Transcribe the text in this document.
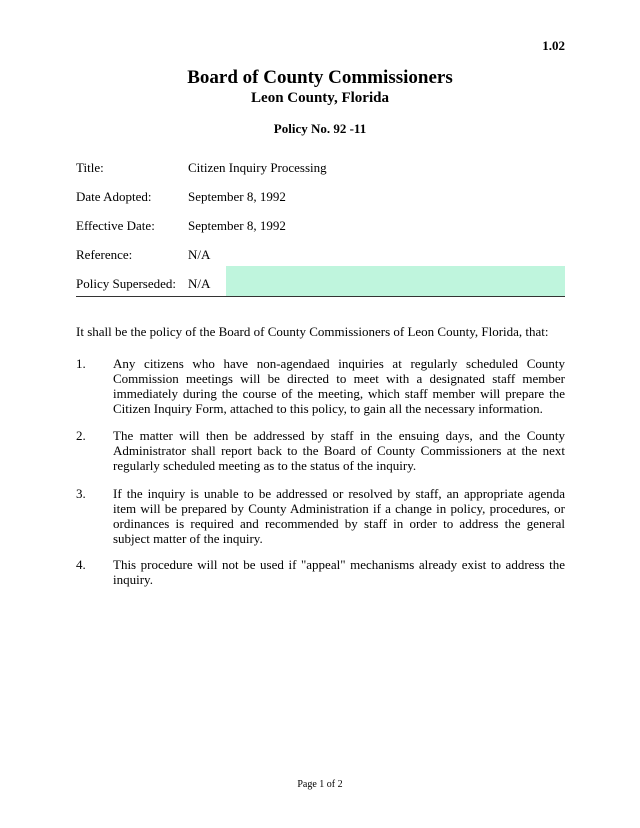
1.02
Board of County Commissioners
Leon County, Florida
Policy No. 92 -11
Title:	Citizen Inquiry Processing
Date Adopted:	September 8, 1992
Effective Date:	September 8, 1992
Reference:	N/A
Policy Superseded: N/A
It shall be the policy of the Board of County Commissioners of Leon County, Florida, that:
1. Any citizens who have non-agendaed inquiries at regularly scheduled County Commission meetings will be directed to meet with a designated staff member immediately during the course of the meeting, which staff member will prepare the Citizen Inquiry Form, attached to this policy, to gain all the necessary information.
2. The matter will then be addressed by staff in the ensuing days, and the County Administrator shall report back to the Board of County Commissioners at the next regularly scheduled meeting as to the status of the inquiry.
3. If the inquiry is unable to be addressed or resolved by staff, an appropriate agenda item will be prepared by County Administration if a change in policy, procedures, or ordinances is required and recommended by staff in order to address the general subject matter of the inquiry.
4. This procedure will not be used if "appeal" mechanisms already exist to address the inquiry.
Page 1 of 2
